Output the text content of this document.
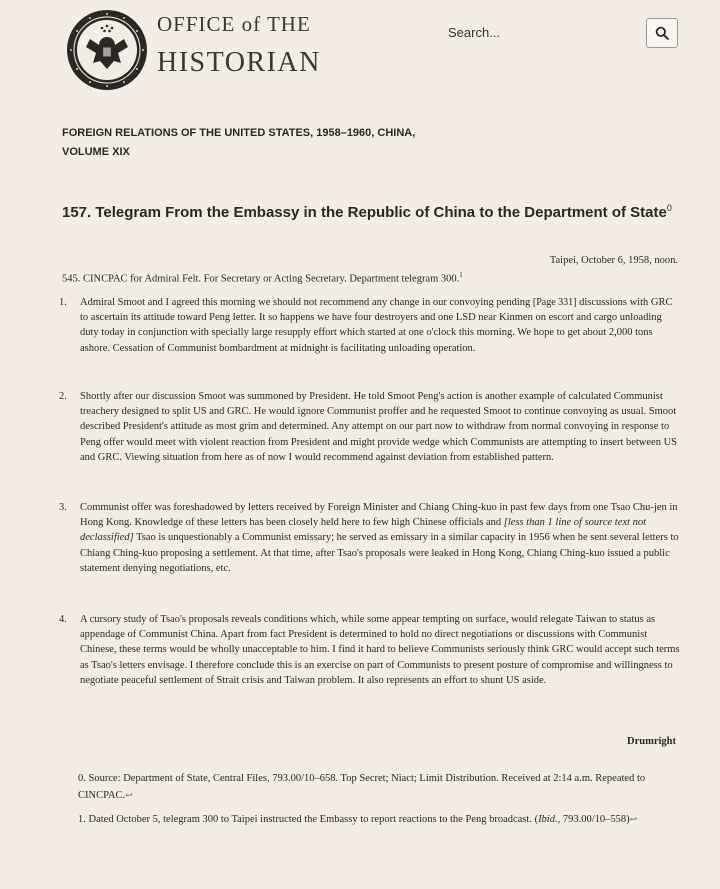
OFFICE of THE
HISTORIAN
Search...
FOREIGN RELATIONS OF THE UNITED STATES, 1958–1960, CHINA,
VOLUME XIX
157. Telegram From the Embassy in the Republic of China to the Department of State$^0$
Taipei, October 6, 1958, noon.
545. CINCPAC for Admiral Felt. For Secretary or Acting Secretary. Department telegram 300.$^1$

1. Admiral Smoot and I agreed this morning we should not recommend any change in our convoying pending [Page 331] discussions with GRC to ascertain its attitude toward Peng letter. It so happens we have four destroyers and one LSD near Kinmen on escort and cargo unloading duty today in conjunction with specially large resupply effort which started at one o'clock this morning. We hope to get about 2,000 tons ashore. Cessation of Communist bombardment at midnight is facilitating unloading operation.

2. Shortly after our discussion Smoot was summoned by President. He told Smoot Peng's action is another example of calculated Communist treachery designed to split US and GRC. He would ignore Communist proffer and he requested Smoot to continue convoying as usual. Smoot described President's attitude as most grim and determined. Any attempt on our part now to withdraw from normal convoying in response to Peng offer would meet with violent reaction from President and might provide wedge which Communists are attempting to insert between US and GRC. Viewing situation from here as of now I would recommend against deviation from established pattern.

3. Communist offer was foreshadowed by letters received by Foreign Minister and Chiang Ching-kuo in past few days from one Tsao Chu-jen in Hong Kong. Knowledge of these letters has been closely held here to few high Chinese officials and [less than 1 line of source text not declassified] Tsao is unquestionably a Communist emissary; he served as emissary in a similar capacity in 1956 when he sent several letters to Chiang Ching-kuo proposing a settlement. At that time, after Tsao's proposals were leaked in Hong Kong, Chiang Ching-kuo issued a public statement denying negotiations, etc.

4. A cursory study of Tsao's proposals reveals conditions which, while some appear tempting on surface, would relegate Taiwan to status as appendage of Communist China. Apart from fact President is determined to hold no direct negotiations or discussions with Communist Chinese, these terms would be wholly unacceptable to him. I find it hard to believe Communists seriously think GRC would accept such terms as Tsao's letters envisage. I therefore conclude this is an exercise on part of Communists to present posture of compromise and willingness to negotiate peaceful settlement of Strait crisis and Taiwan problem. It also represents an effort to shunt US aside.

Drumright

0. Source: Department of State, Central Files, 793.00/10–658. Top Secret; Niact; Limit Distribution. Received at 2:14 a.m. Repeated to CINCPAC.↩

1. Dated October 5, telegram 300 to Taipei instructed the Embassy to report reactions to the Peng broadcast. (Ibid., 793.00/10–558)↩
